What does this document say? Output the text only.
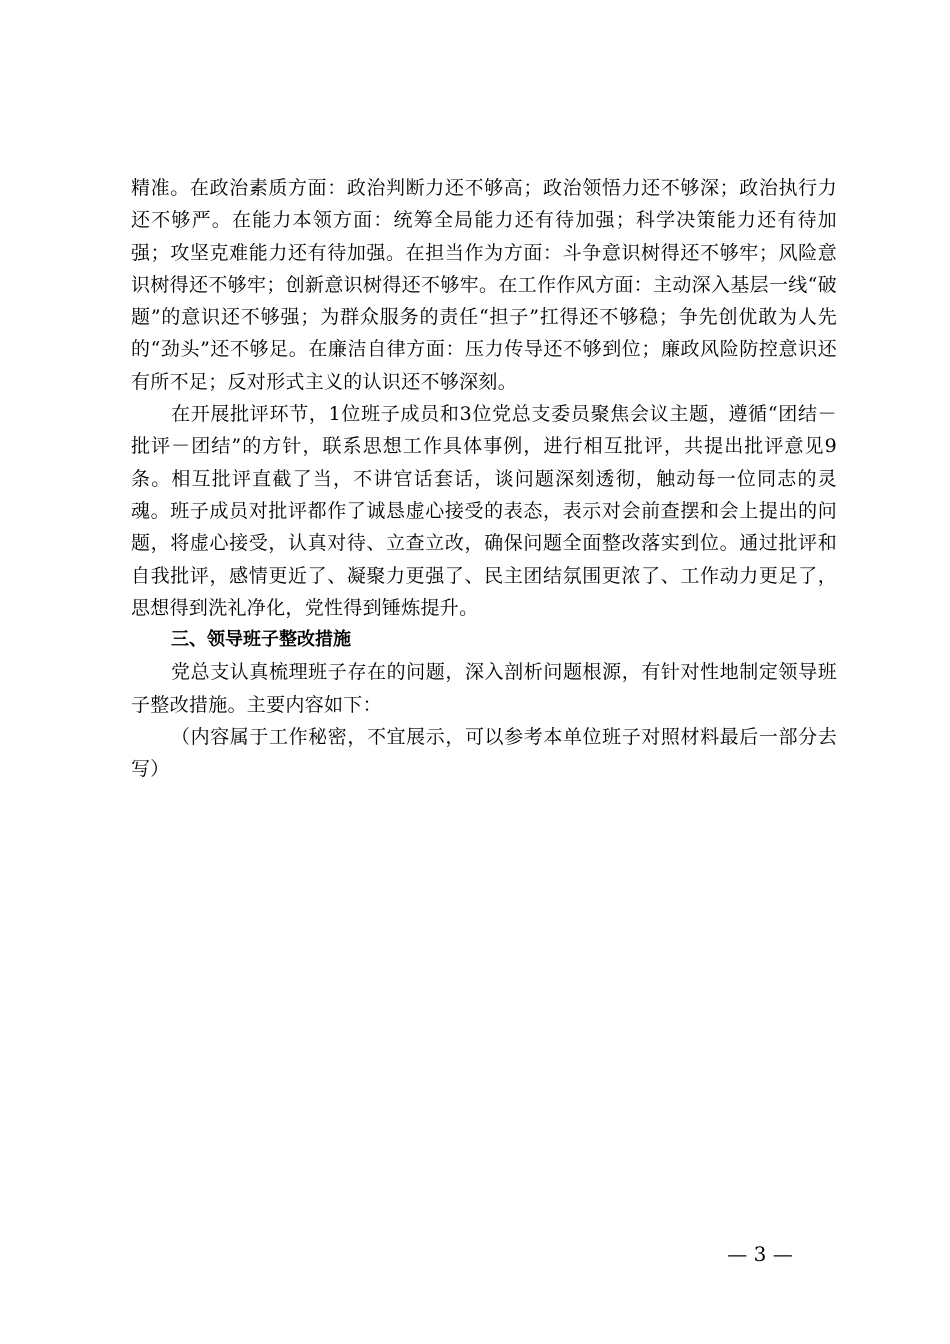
精准。在政治素质方面：政治判断力还不够高；政治领悟力还不够深；政治执行力还不够严。在能力本领方面：统筹全局能力还有待加强；科学决策能力还有待加强；攻坚克难能力还有待加强。在担当作为方面：斗争意识树得还不够牢；风险意识树得还不够牢；创新意识树得还不够牢。在工作作风方面：主动深入基层一线“破题”的意识还不够强；为群众服务的责任“担子”扛得还不够稳；争先创优敢为人先的“劲头”还不够足。在廉洁自律方面：压力传导还不够到位；廉政风险防控意识还有所不足；反对形式主义的认识还不够深刻。

在开展批评环节，1位班子成员和3位党总支委员聚焦会议主题，遵循“团结－批评－团结”的方针，联系思想工作具体事例，进行相互批评，共提出批评意见9条。相互批评直截了当，不讲官话套话，谈问题深刻透彻，触动每一位同志的灵魂。班子成员对批评都作了诚恳虚心接受的表态，表示对会前查摆和会上提出的问题，将虚心接受，认真对待、立查立改，确保问题全面整改落实到位。通过批评和自我批评，感情更近了、凝聚力更强了、民主团结氛围更浓了、工作动力更足了，思想得到洗礼净化，党性得到锤炼提升。

三、领导班子整改措施

党总支认真梳理班子存在的问题，深入剖析问题根源，有针对性地制定领导班子整改措施。主要内容如下：

（内容属于工作秘密，不宜展示，可以参考本单位班子对照材料最后一部分去写）

— 3 —
